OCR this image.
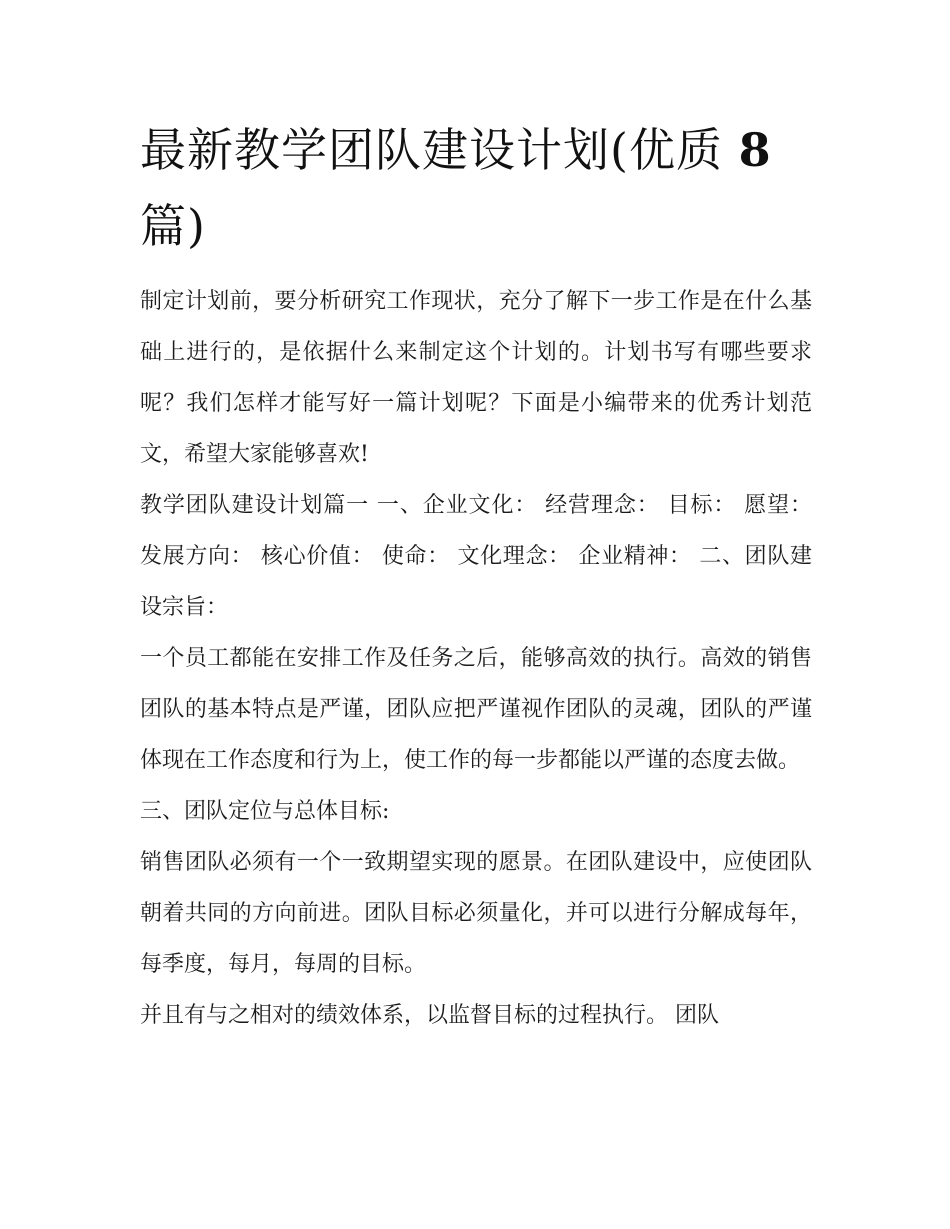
最新教学团队建设计划(优质 8
篇)

制定计划前，要分析研究工作现状，充分了解下一步工作是在什么基础上进行的，是依据什么来制定这个计划的。计划书写有哪些要求呢？我们怎样才能写好一篇计划呢？下面是小编带来的优秀计划范文，希望大家能够喜欢!

教学团队建设计划篇一 一、企业文化： 经营理念： 目标： 愿望： 发展方向： 核心价值： 使命： 文化理念： 企业精神： 二、团队建设宗旨：

一个员工都能在安排工作及任务之后，能够高效的执行。高效的销售团队的基本特点是严谨，团队应把严谨视作团队的灵魂，团队的严谨体现在工作态度和行为上，使工作的每一步都能以严谨的态度去做。

三、团队定位与总体目标:

销售团队必须有一个一致期望实现的愿景。在团队建设中，应使团队朝着共同的方向前进。团队目标必须量化，并可以进行分解成每年，每季度，每月，每周的目标。

并且有与之相对的绩效体系，以监督目标的过程执行。 团队
